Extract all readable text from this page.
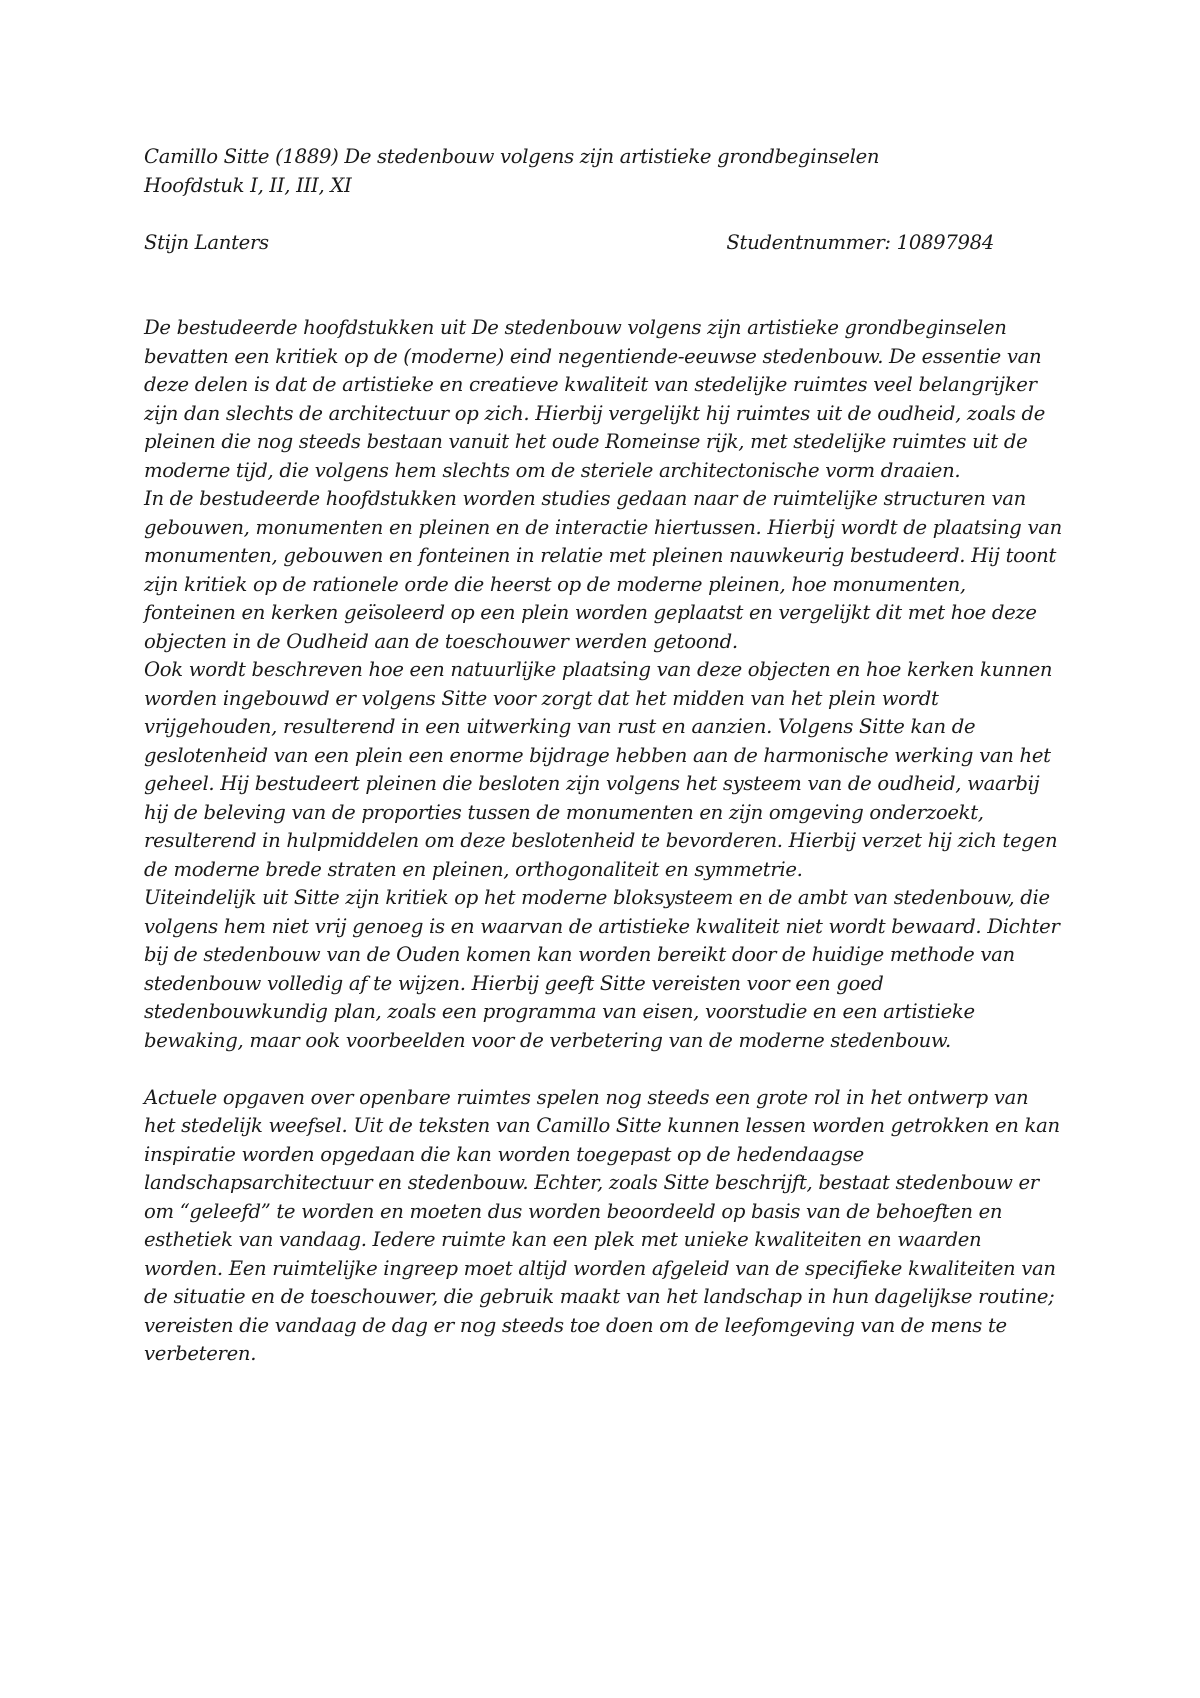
Camillo Sitte (1889) De stedenbouw volgens zijn artistieke grondbeginselen
Hoofdstuk I, II, III, XI
Stijn Lanters	Studentnummer: 10897984

De bestudeerde hoofdstukken uit De stedenbouw volgens zijn artistieke grondbeginselen bevatten een kritiek op de (moderne) eind negentiende-eeuwse stedenbouw. De essentie van deze delen is dat de artistieke en creatieve kwaliteit van stedelijke ruimtes veel belangrijker zijn dan slechts de architectuur op zich. Hierbij vergelijkt hij ruimtes uit de oudheid, zoals de pleinen die nog steeds bestaan vanuit het oude Romeinse rijk, met stedelijke ruimtes uit de moderne tijd, die volgens hem slechts om de steriele architectonische vorm draaien.

In de bestudeerde hoofdstukken worden studies gedaan naar de ruimtelijke structuren van gebouwen, monumenten en pleinen en de interactie hiertussen. Hierbij wordt de plaatsing van monumenten, gebouwen en fonteinen in relatie met pleinen nauwkeurig bestudeerd. Hij toont zijn kritiek op de rationele orde die heerst op de moderne pleinen, hoe monumenten, fonteinen en kerken geïsoleerd op een plein worden geplaatst en vergelijkt dit met hoe deze objecten in de Oudheid aan de toeschouwer werden getoond.

Ook wordt beschreven hoe een natuurlijke plaatsing van deze objecten en hoe kerken kunnen worden ingebouwd er volgens Sitte voor zorgt dat het midden van het plein wordt vrijgehouden, resulterend in een uitwerking van rust en aanzien. Volgens Sitte kan de geslotenheid van een plein een enorme bijdrage hebben aan de harmonische werking van het geheel. Hij bestudeert pleinen die besloten zijn volgens het systeem van de oudheid, waarbij hij de beleving van de proporties tussen de monumenten en zijn omgeving onderzoekt, resulterend in hulpmiddelen om deze beslotenheid te bevorderen. Hierbij verzet hij zich tegen de moderne brede straten en pleinen, orthogonaliteit en symmetrie.

Uiteindelijk uit Sitte zijn kritiek op het moderne bloksysteem en de ambt van stedenbouw, die volgens hem niet vrij genoeg is en waarvan de artistieke kwaliteit niet wordt bewaard. Dichter bij de stedenbouw van de Ouden komen kan worden bereikt door de huidige methode van stedenbouw volledig af te wijzen. Hierbij geeft Sitte vereisten voor een goed stedenbouwkundig plan, zoals een programma van eisen, voorstudie en een artistieke bewaking, maar ook voorbeelden voor de verbetering van de moderne stedenbouw.

Actuele opgaven over openbare ruimtes spelen nog steeds een grote rol in het ontwerp van het stedelijk weefsel. Uit de teksten van Camillo Sitte kunnen lessen worden getrokken en kan inspiratie worden opgedaan die kan worden toegepast op de hedendaagse landschapsarchitectuur en stedenbouw. Echter, zoals Sitte beschrijft, bestaat stedenbouw er om “geleefd” te worden en moeten dus worden beoordeeld op basis van de behoeften en esthetiek van vandaag. Iedere ruimte kan een plek met unieke kwaliteiten en waarden worden. Een ruimtelijke ingreep moet altijd worden afgeleid van de specifieke kwaliteiten van de situatie en de toeschouwer, die gebruik maakt van het landschap in hun dagelijkse routine; vereisten die vandaag de dag er nog steeds toe doen om de leefomgeving van de mens te verbeteren.
